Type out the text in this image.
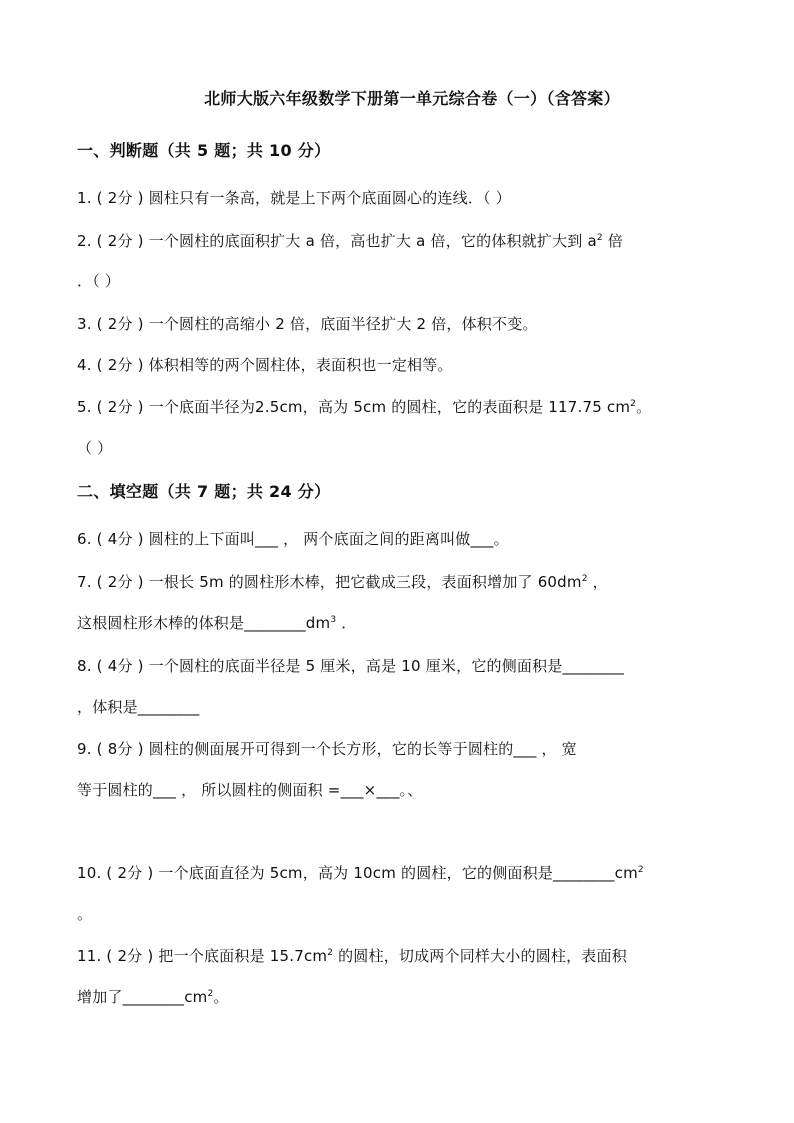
北师大版六年级数学下册第一单元综合卷（一）（含答案）
一、判断题（共 5 题；共 10 分）
1. ( 2分 ) 圆柱只有一条高，就是上下两个底面圆心的连线．（ ）
2. ( 2分 ) 一个圆柱的底面积扩大 a 倍，高也扩大 a 倍，它的体积就扩大到 $a^2$ 倍
．（ ）
3. ( 2分 ) 一个圆柱的高缩小 2 倍，底面半径扩大 2 倍，体积不变。
4. ( 2分 ) 体积相等的两个圆柱体，表面积也一定相等。
5. ( 2分 ) 一个底面半径为2.5cm，高为 5cm 的圆柱，它的表面积是 117.75 $cm^2$。
（ ）
二、填空题（共 7 题；共 24 分）
6. ( 4分 ) 圆柱的上下面叫___ ， 两个底面之间的距离叫做___。
7. ( 2分 ) 一根长 5m 的圆柱形木棒，把它截成三段，表面积增加了 $60dm^2$ ，
这根圆柱形木棒的体积是$\_\_\_\_\_\_\_\_dm^3$ ．
8. ( 4分 ) 一个圆柱的底面半径是 5 厘米，高是 10 厘米，它的侧面积是________
，体积是________
9. ( 8分 ) 圆柱的侧面展开可得到一个长方形，它的长等于圆柱的___ ， 宽
等于圆柱的___ ， 所以圆柱的侧面积 =___×___。、
10. ( 2分 ) 一个底面直径为 5cm，高为 10cm 的圆柱，它的侧面积是$\_\_\_\_\_\_\_\_cm^2$
。
11. ( 2分 ) 把一个底面积是 $15.7cm^2$ 的圆柱，切成两个同样大小的圆柱，表面积
增加了$\_\_\_\_\_\_\_\_cm^2$。
